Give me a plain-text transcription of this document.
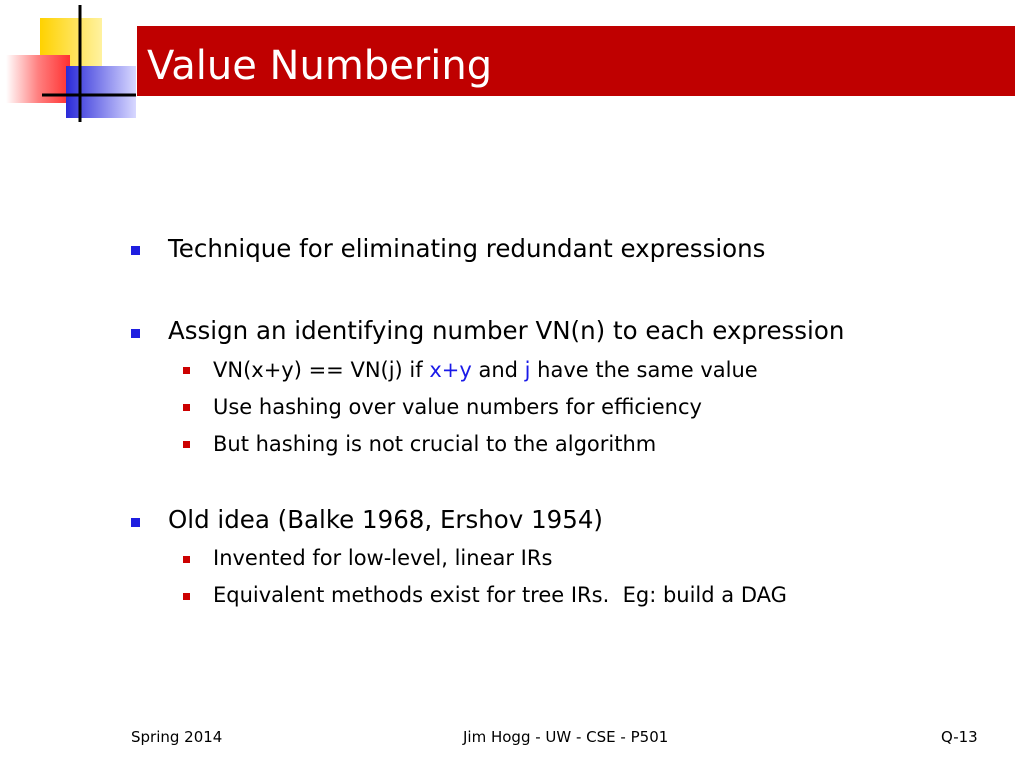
Value Numbering
Technique for eliminating redundant expressions
Assign an identifying number VN(n) to each expression
VN(x+y) == VN(j) if x+y and j have the same value
Use hashing over value numbers for efficiency
But hashing is not crucial to the algorithm
Old idea (Balke 1968, Ershov 1954)
Invented for low-level, linear IRs
Equivalent methods exist for tree IRs.  Eg: build a DAG
Spring 2014	Jim Hogg - UW - CSE - P501	Q-13
